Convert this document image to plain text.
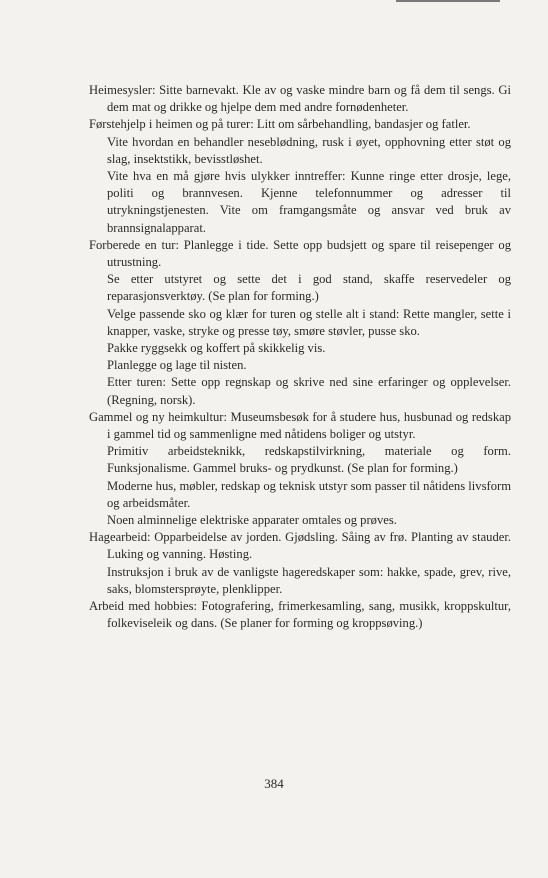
Heimesysler: Sitte barnevakt. Kle av og vaske mindre barn og få dem til sengs. Gi dem mat og drikke og hjelpe dem med andre fornødenheter.

Førstehjelp i heimen og på turer: Litt om sårbehandling, bandasjer og fatler.

Vite hvordan en behandler neseblødning, rusk i øyet, opphovning etter støt og slag, insektstikk, bevisstløshet.

Vite hva en må gjøre hvis ulykker inntreffer: Kunne ringe etter drosje, lege, politi og brannvesen. Kjenne telefonnummer og adresser til utrykningstjenesten. Vite om framgangsmåte og ansvar ved bruk av brannsignalapparat.

Forberede en tur: Planlegge i tide. Sette opp budsjett og spare til reisepenger og utrustning.

Se etter utstyret og sette det i god stand, skaffe reservedeler og reparasjonsverktøy. (Se plan for forming.)

Velge passende sko og klær for turen og stelle alt i stand: Rette mangler, sette i knapper, vaske, stryke og presse tøy, smøre støvler, pusse sko.

Pakke ryggsekk og koffert på skikkelig vis.

Planlegge og lage til nisten.

Etter turen: Sette opp regnskap og skrive ned sine erfaringer og opplevelser. (Regning, norsk).

Gammel og ny heimkultur: Museumsbesøk for å studere hus, husbunad og redskap i gammel tid og sammenligne med nåtidens boliger og utstyr.

Primitiv arbeidsteknikk, redskapstilvirkning, materiale og form. Funksjonalisme. Gammel bruks- og prydkunst. (Se plan for forming.)

Moderne hus, møbler, redskap og teknisk utstyr som passer til nåtidens livsform og arbeidsmåter.

Noen alminnelige elektriske apparater omtales og prøves.

Hagearbeid: Opparbeidelse av jorden. Gjødsling. Såing av frø. Planting av stauder. Luking og vanning. Høsting.

Instruksjon i bruk av de vanligste hageredskaper som: hakke, spade, grev, rive, saks, blomstersprøyte, plenklipper.

Arbeid med hobbies: Fotografering, frimerkesamling, sang, musikk, kroppskultur, folkeviseleik og dans. (Se planer for forming og kroppsøving.)

384
